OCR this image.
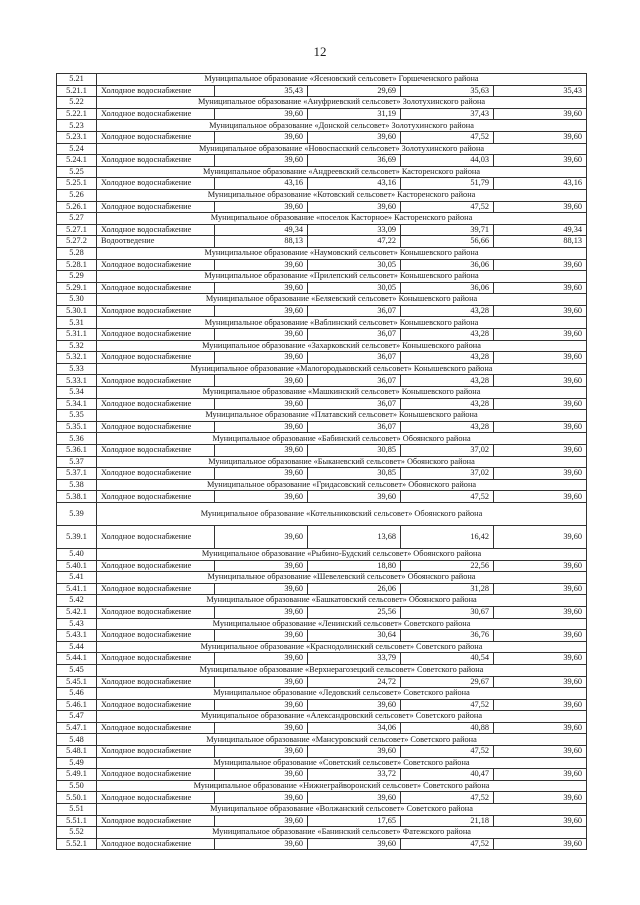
12
5.21	Муниципальное образование «Ясеновский сельсовет» Горшеченского района				
5.21.1	Холодное водоснабжение	35,43	29,69	35,63	35,43
5.22	Муниципальное образование «Ануфриевский сельсовет» Золотухинского района				
5.22.1	Холодное водоснабжение	39,60	31,19	37,43	39,60
5.23	Муниципальное образование «Донской сельсовет» Золотухинского района				
5.23.1	Холодное водоснабжение	39,60	39,60	47,52	39,60
5.24	Муниципальное образование «Новоспасский сельсовет» Золотухинского района				
5.24.1	Холодное водоснабжение	39,60	36,69	44,03	39,60
5.25	Муниципальное образование «Андреевский сельсовет» Касторенского района				
5.25.1	Холодное водоснабжение	43,16	43,16	51,79	43,16
5.26	Муниципальное образование «Котовский сельсовет» Касторенского района				
5.26.1	Холодное водоснабжение	39,60	39,60	47,52	39,60
5.27	Муниципальное образование «поселок Касторное» Касторенского района				
5.27.1	Холодное водоснабжение	49,34	33,09	39,71	49,34
5.27.2	Водоотведение	88,13	47,22	56,66	88,13
5.28	Муниципальное образование «Наумовский сельсовет» Конышевского района				
5.28.1	Холодное водоснабжение	39,60	30,05	36,06	39,60
5.29	Муниципальное образование «Прилепский сельсовет» Конышевского района				
5.29.1	Холодное водоснабжение	39,60	30,05	36,06	39,60
5.30	Муниципальное образование «Беляевский сельсовет» Конышевского района				
5.30.1	Холодное водоснабжение	39,60	36,07	43,28	39,60
5.31	Муниципальное образование «Ваблинский сельсовет» Конышевского района				
5.31.1	Холодное водоснабжение	39,60	36,07	43,28	39,60
5.32	Муниципальное образование «Захарковский сельсовет» Конышевского района				
5.32.1	Холодное водоснабжение	39,60	36,07	43,28	39,60
5.33	Муниципальное образование «Малогородьковский сельсовет» Конышевского района				
5.33.1	Холодное водоснабжение	39,60	36,07	43,28	39,60
5.34	Муниципальное образование «Машкинский сельсовет» Конышевского района				
5.34.1	Холодное водоснабжение	39,60	36,07	43,28	39,60
5.35	Муниципальное образование «Платавский сельсовет» Конышевского района				
5.35.1	Холодное водоснабжение	39,60	36,07	43,28	39,60
5.36	Муниципальное образование «Бабинский сельсовет» Обоянского района				
5.36.1	Холодное водоснабжение	39,60	30,85	37,02	39,60
5.37	Муниципальное образование «Быканевский сельсовет» Обоянского района				
5.37.1	Холодное водоснабжение	39,60	30,85	37,02	39,60
5.38	Муниципальное образование «Гридасовский сельсовет» Обоянского района				
5.38.1	Холодное водоснабжение	39,60	39,60	47,52	39,60
5.39	Муниципальное образование «Котельниковский сельсовет» Обоянского района				
5.39.1	Холодное водоснабжение	39,60	13,68	16,42	39,60
5.40	Муниципальное образование «Рыбино-Будский сельсовет» Обоянского района				
5.40.1	Холодное водоснабжение	39,60	18,80	22,56	39,60
5.41	Муниципальное образование «Шевелевский сельсовет» Обоянского района				
5.41.1	Холодное водоснабжение	39,60	26,06	31,28	39,60
5.42	Муниципальное образование «Башкатовский сельсовет» Обоянского района				
5.42.1	Холодное водоснабжение	39,60	25,56	30,67	39,60
5.43	Муниципальное образование «Ленинский сельсовет» Советского района				
5.43.1	Холодное водоснабжение	39,60	30,64	36,76	39,60
5.44	Муниципальное образование «Краснодолинский сельсовет» Советского района				
5.44.1	Холодное водоснабжение	39,60	33,79	40,54	39,60
5.45	Муниципальное образование «Верхнерагозецкий сельсовет» Советского района				
5.45.1	Холодное водоснабжение	39,60	24,72	29,67	39,60
5.46	Муниципальное образование «Ледовский сельсовет» Советского района				
5.46.1	Холодное водоснабжение	39,60	39,60	47,52	39,60
5.47	Муниципальное образование «Александровский сельсовет» Советского района				
5.47.1	Холодное водоснабжение	39,60	34,06	40,88	39,60
5.48	Муниципальное образование «Мансуровский сельсовет» Советского района				
5.48.1	Холодное водоснабжение	39,60	39,60	47,52	39,60
5.49	Муниципальное образование «Советский сельсовет» Советского района				
5.49.1	Холодное водоснабжение	39,60	33,72	40,47	39,60
5.50	Муниципальное образование «Нижнеграйворонский сельсовет» Советского района				
5.50.1	Холодное водоснабжение	39,60	39,60	47,52	39,60
5.51	Муниципальное образование «Волжанский сельсовет» Советского района				
5.51.1	Холодное водоснабжение	39,60	17,65	21,18	39,60
5.52	Муниципальное образование «Банинский сельсовет» Фатежского района				
5.52.1	Холодное водоснабжение	39,60	39,60	47,52	39,60
